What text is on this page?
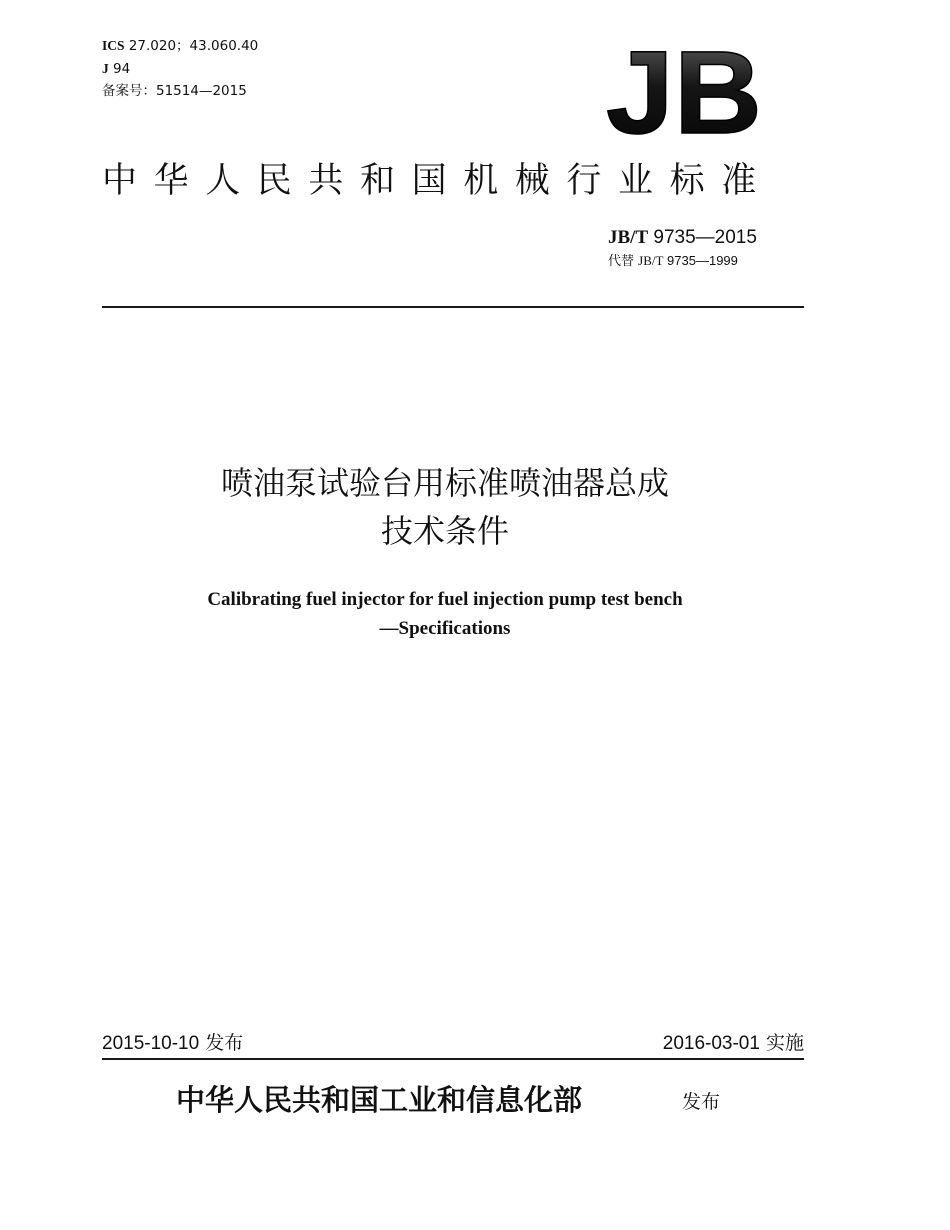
ICS 27.020；43.060.40
J 94
备案号：51514—2015	JB
中华人民共和国机械行业标准
JB/T 9735—2015
代替 JB/T 9735—1999
喷油泵试验台用标准喷油器总成
技术条件
Calibrating fuel injector for fuel injection pump test bench
—Specifications
2015-10-10 发布	2016-03-01 实施
中华人民共和国工业和信息化部	发布
